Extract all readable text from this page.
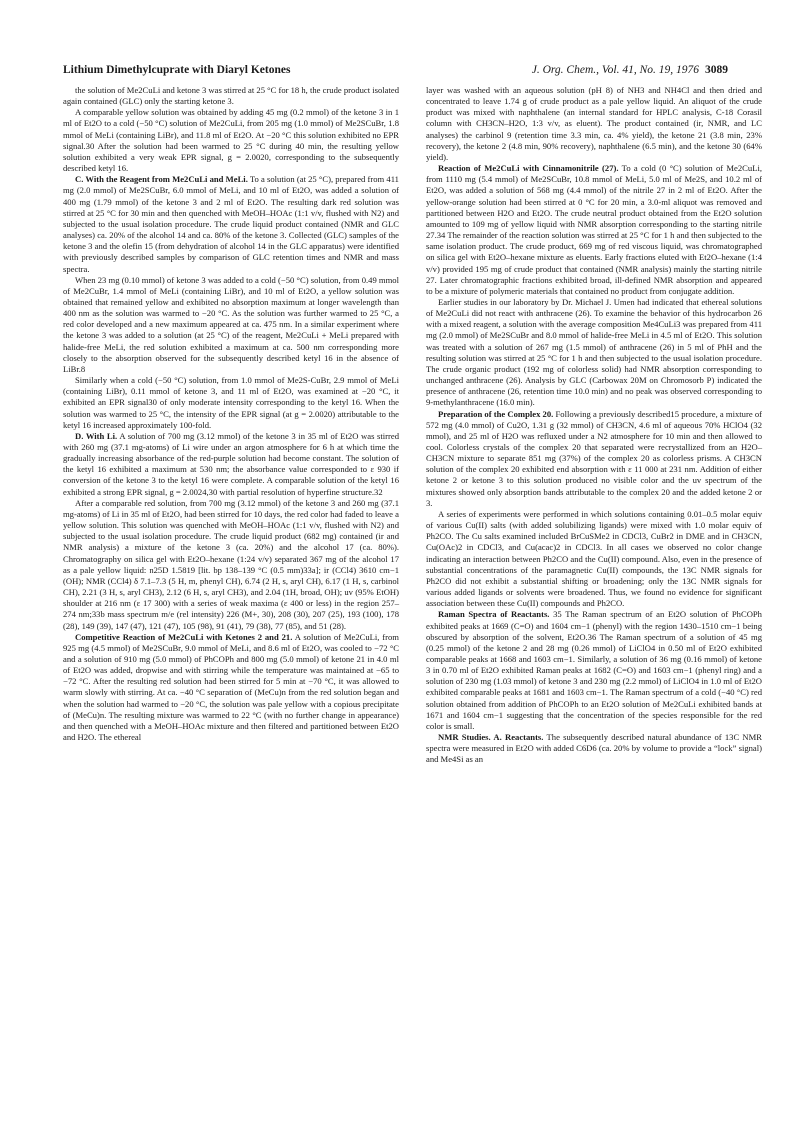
Lithium Dimethylcuprate with Diaryl Ketones	J. Org. Chem., Vol. 41, No. 19, 1976 3089

the solution of Me2CuLi and ketone 3 was stirred at 25 °C for 18 h, the crude product isolated again contained (GLC) only the starting ketone 3.

A comparable yellow solution was obtained by adding 45 mg (0.2 mmol) of the ketone 3 in 1 ml of Et2O to a cold (−50 °C) solution of Me2CuLi, from 205 mg (1.0 mmol) of Me2SCuBr, 1.8 mmol of MeLi (containing LiBr), and 11.8 ml of Et2O. At −20 °C this solution exhibited no EPR signal.30 After the solution had been warmed to 25 °C during 40 min, the resulting yellow solution exhibited a very weak EPR signal, g = 2.0020, corresponding to the subsequently described ketyl 16.

C. With the Reagent from Me2CuLi and MeLi. To a solution (at 25 °C), prepared from 411 mg (2.0 mmol) of Me2SCuBr, 6.0 mmol of MeLi, and 10 ml of Et2O, was added a solution of 400 mg (1.79 mmol) of the ketone 3 and 2 ml of Et2O. The resulting dark red solution was stirred at 25 °C for 30 min and then quenched with MeOH–HOAc (1:1 v/v, flushed with N2) and subjected to the usual isolation procedure. The crude liquid product contained (NMR and GLC analyses) ca. 20% of the alcohol 14 and ca. 80% of the ketone 3. Collected (GLC) samples of the ketone 3 and the olefin 15 (from dehydration of alcohol 14 in the GLC apparatus) were identified with previously described samples by comparison of GLC retention times and NMR and mass spectra.

When 23 mg (0.10 mmol) of ketone 3 was added to a cold (−50 °C) solution, from 0.49 mmol of Me2CuBr, 1.4 mmol of MeLi (containing LiBr), and 10 ml of Et2O, a yellow solution was obtained that remained yellow and exhibited no absorption maximum at longer wavelength than 400 nm as the solution was warmed to −20 °C. As the solution was further warmed to 25 °C, a red color developed and a new maximum appeared at ca. 475 nm. In a similar experiment where the ketone 3 was added to a solution (at 25 °C) of the reagent, Me2CuLi + MeLi prepared with halide-free MeLi, the red solution exhibited a maximum at ca. 500 nm corresponding more closely to the absorption observed for the subsequently described ketyl 16 in the absence of LiBr.8

Similarly when a cold (−50 °C) solution, from 1.0 mmol of Me2S-CuBr, 2.9 mmol of MeLi (containing LiBr), 0.11 mmol of ketone 3, and 11 ml of Et2O, was examined at −20 °C, it exhibited an EPR signal30 of only moderate intensity corresponding to the ketyl 16. When the solution was warmed to 25 °C, the intensity of the EPR signal (at g = 2.0020) attributable to the ketyl 16 increased approximately 100-fold.

D. With Li. A solution of 700 mg (3.12 mmol) of the ketone 3 in 35 ml of Et2O was stirred with 260 mg (37.1 mg-atoms) of Li wire under an argon atmosphere for 6 h at which time the gradually increasing absorbance of the red-purple solution had become constant. The solution of the ketyl 16 exhibited a maximum at 530 nm; the absorbance value corresponded to ε 930 if conversion of the ketone 3 to the ketyl 16 were complete. A comparable solution of the ketyl 16 exhibited a strong EPR signal, g = 2.0024,30 with partial resolution of hyperfine structure.32

After a comparable red solution, from 700 mg (3.12 mmol) of the ketone 3 and 260 mg (37.1 mg-atoms) of Li in 35 ml of Et2O, had been stirred for 10 days, the red color had faded to leave a yellow solution. This solution was quenched with MeOH–HOAc (1:1 v/v, flushed with N2) and subjected to the usual isolation procedure. The crude liquid product (682 mg) contained (ir and NMR analysis) a mixture of the ketone 3 (ca. 20%) and the alcohol 17 (ca. 80%). Chromatography on silica gel with Et2O–hexane (1:24 v/v) separated 367 mg of the alcohol 17 as a pale yellow liquid: n25D 1.5819 [lit. bp 138–139 °C (0.5 mm)33a]; ir (CCl4) 3610 cm−1 (OH); NMR (CCl4) δ 7.1–7.3 (5 H, m, phenyl CH), 6.74 (2 H, s, aryl CH), 6.17 (1 H, s, carbinol CH), 2.21 (3 H, s, aryl CH3), 2.12 (6 H, s, aryl CH3), and 2.04 (1H, broad, OH); uv (95% EtOH) shoulder at 216 nm (ε 17 300) with a series of weak maxima (ε 400 or less) in the region 257–274 nm;33b mass spectrum m/e (rel intensity) 226 (M+, 30), 208 (30), 207 (25), 193 (100), 178 (28), 149 (39), 147 (47), 121 (47), 105 (98), 91 (41), 79 (38), 77 (85), and 51 (28).

Competitive Reaction of Me2CuLi with Ketones 2 and 21. A solution of Me2CuLi, from 925 mg (4.5 mmol) of Me2SCuBr, 9.0 mmol of MeLi, and 8.6 ml of Et2O, was cooled to −72 °C and a solution of 910 mg (5.0 mmol) of PhCOPh and 800 mg (5.0 mmol) of ketone 21 in 4.0 ml of Et2O was added, dropwise and with stirring while the temperature was maintained at −65 to −72 °C. After the resulting red solution had been stirred for 5 min at −70 °C, it was allowed to warm slowly with stirring. At ca. −40 °C separation of (MeCu)n from the red solution began and when the solution had warmed to −20 °C, the solution was pale yellow with a copious precipitate of (MeCu)n. The resulting mixture was warmed to 22 °C (with no further change in appearance) and then quenched with a MeOH–HOAc mixture and then filtered and partitioned between Et2O and H2O. The ethereal

layer was washed with an aqueous solution (pH 8) of NH3 and NH4Cl and then dried and concentrated to leave 1.74 g of crude product as a pale yellow liquid. An aliquot of the crude product was mixed with naphthalene (an internal standard for HPLC analysis, C-18 Corasil column with CH3CN–H2O, 1:3 v/v, as eluent). The product contained (ir, NMR, and LC analyses) the carbinol 9 (retention time 3.3 min, ca. 4% yield), the ketone 21 (3.8 min, 23% recovery), the ketone 2 (4.8 min, 90% recovery), naphthalene (6.5 min), and the ketone 30 (64% yield).

Reaction of Me2CuLi with Cinnamonitrile (27). To a cold (0 °C) solution of Me2CuLi, from 1110 mg (5.4 mmol) of Me2SCuBr, 10.8 mmol of MeLi, 5.0 ml of Me2S, and 10.2 ml of Et2O, was added a solution of 568 mg (4.4 mmol) of the nitrile 27 in 2 ml of Et2O. After the yellow-orange solution had been stirred at 0 °C for 20 min, a 3.0-ml aliquot was removed and partitioned between H2O and Et2O. The crude neutral product obtained from the Et2O solution amounted to 109 mg of yellow liquid with NMR absorption corresponding to the starting nitrile 27.34 The remainder of the reaction solution was stirred at 25 °C for 1 h and then subjected to the same isolation product. The crude product, 669 mg of red viscous liquid, was chromatographed on silica gel with Et2O–hexane mixture as eluents. Early fractions eluted with Et2O–hexane (1:4 v/v) provided 195 mg of crude product that contained (NMR analysis) mainly the starting nitrile 27. Later chromatographic fractions exhibited broad, ill-defined NMR absorption and appeared to be a mixture of polymeric materials that contained no product from conjugate addition.

Earlier studies in our laboratory by Dr. Michael J. Umen had indicated that ethereal solutions of Me2CuLi did not react with anthracene (26). To examine the behavior of this hydrocarbon 26 with a mixed reagent, a solution with the average composition Me4CuLi3 was prepared from 411 mg (2.0 mmol) of Me2SCuBr and 8.0 mmol of halide-free MeLi in 4.5 ml of Et2O. This solution was treated with a solution of 267 mg (1.5 mmol) of anthracene (26) in 5 ml of PhH and the resulting solution was stirred at 25 °C for 1 h and then subjected to the usual isolation procedure. The crude organic product (192 mg of colorless solid) had NMR absorption corresponding to unchanged anthracene (26). Analysis by GLC (Carbowax 20M on Chromosorb P) indicated the presence of anthracene (26, retention time 10.0 min) and no peak was observed corresponding to 9-methylanthracene (16.0 min).

Preparation of the Complex 20. Following a previously described15 procedure, a mixture of 572 mg (4.0 mmol) of Cu2O, 1.31 g (32 mmol) of CH3CN, 4.6 ml of aqueous 70% HClO4 (32 mmol), and 25 ml of H2O was refluxed under a N2 atmosphere for 10 min and then allowed to cool. Colorless crystals of the complex 20 that separated were recrystallized from an H2O–CH3CN mixture to separate 851 mg (37%) of the complex 20 as colorless prisms. A CH3CN solution of the complex 20 exhibited end absorption with ε 11 000 at 231 nm. Addition of either ketone 2 or ketone 3 to this solution produced no visible color and the uv spectrum of the mixtures showed only absorption bands attributable to the complex 20 and the added ketone 2 or 3.

A series of experiments were performed in which solutions containing 0.01–0.5 molar equiv of various Cu(II) salts (with added solubilizing ligands) were mixed with 1.0 molar equiv of Ph2CO. The Cu salts examined included BrCuSMe2 in CDCl3, CuBr2 in DME and in CH3CN, Cu(OAc)2 in CDCl3, and Cu(acac)2 in CDCl3. In all cases we observed no color change indicating an interaction between Ph2CO and the Cu(II) compound. Also, even in the presence of substantial concentrations of the paramagnetic Cu(II) compounds, the 13C NMR signals for Ph2CO did not exhibit a substantial shifting or broadening; only the 13C NMR signals for various added ligands or solvents were broadened. Thus, we found no evidence for significant association between these Cu(II) compounds and Ph2CO.

Raman Spectra of Reactants. 35 The Raman spectrum of an Et2O solution of PhCOPh exhibited peaks at 1669 (C=O) and 1604 cm−1 (phenyl) with the region 1430–1510 cm−1 being obscured by absorption of the solvent, Et2O.36 The Raman spectrum of a solution of 45 mg (0.25 mmol) of the ketone 2 and 28 mg (0.26 mmol) of LiClO4 in 0.50 ml of Et2O exhibited comparable peaks at 1668 and 1603 cm−1. Similarly, a solution of 36 mg (0.16 mmol) of ketone 3 in 0.70 ml of Et2O exhibited Raman peaks at 1682 (C=O) and 1603 cm−1 (phenyl ring) and a solution of 230 mg (1.03 mmol) of ketone 3 and 230 mg (2.2 mmol) of LiClO4 in 1.0 ml of Et2O exhibited comparable peaks at 1681 and 1603 cm−1. The Raman spectrum of a cold (−40 °C) red solution obtained from addition of PhCOPh to an Et2O solution of Me2CuLi exhibited bands at 1671 and 1604 cm−1 suggesting that the concentration of the species responsible for the red color is small.

NMR Studies. A. Reactants. The subsequently described natural abundance of 13C NMR spectra were measured in Et2O with added C6D6 (ca. 20% by volume to provide a “lock” signal) and Me4Si as an
